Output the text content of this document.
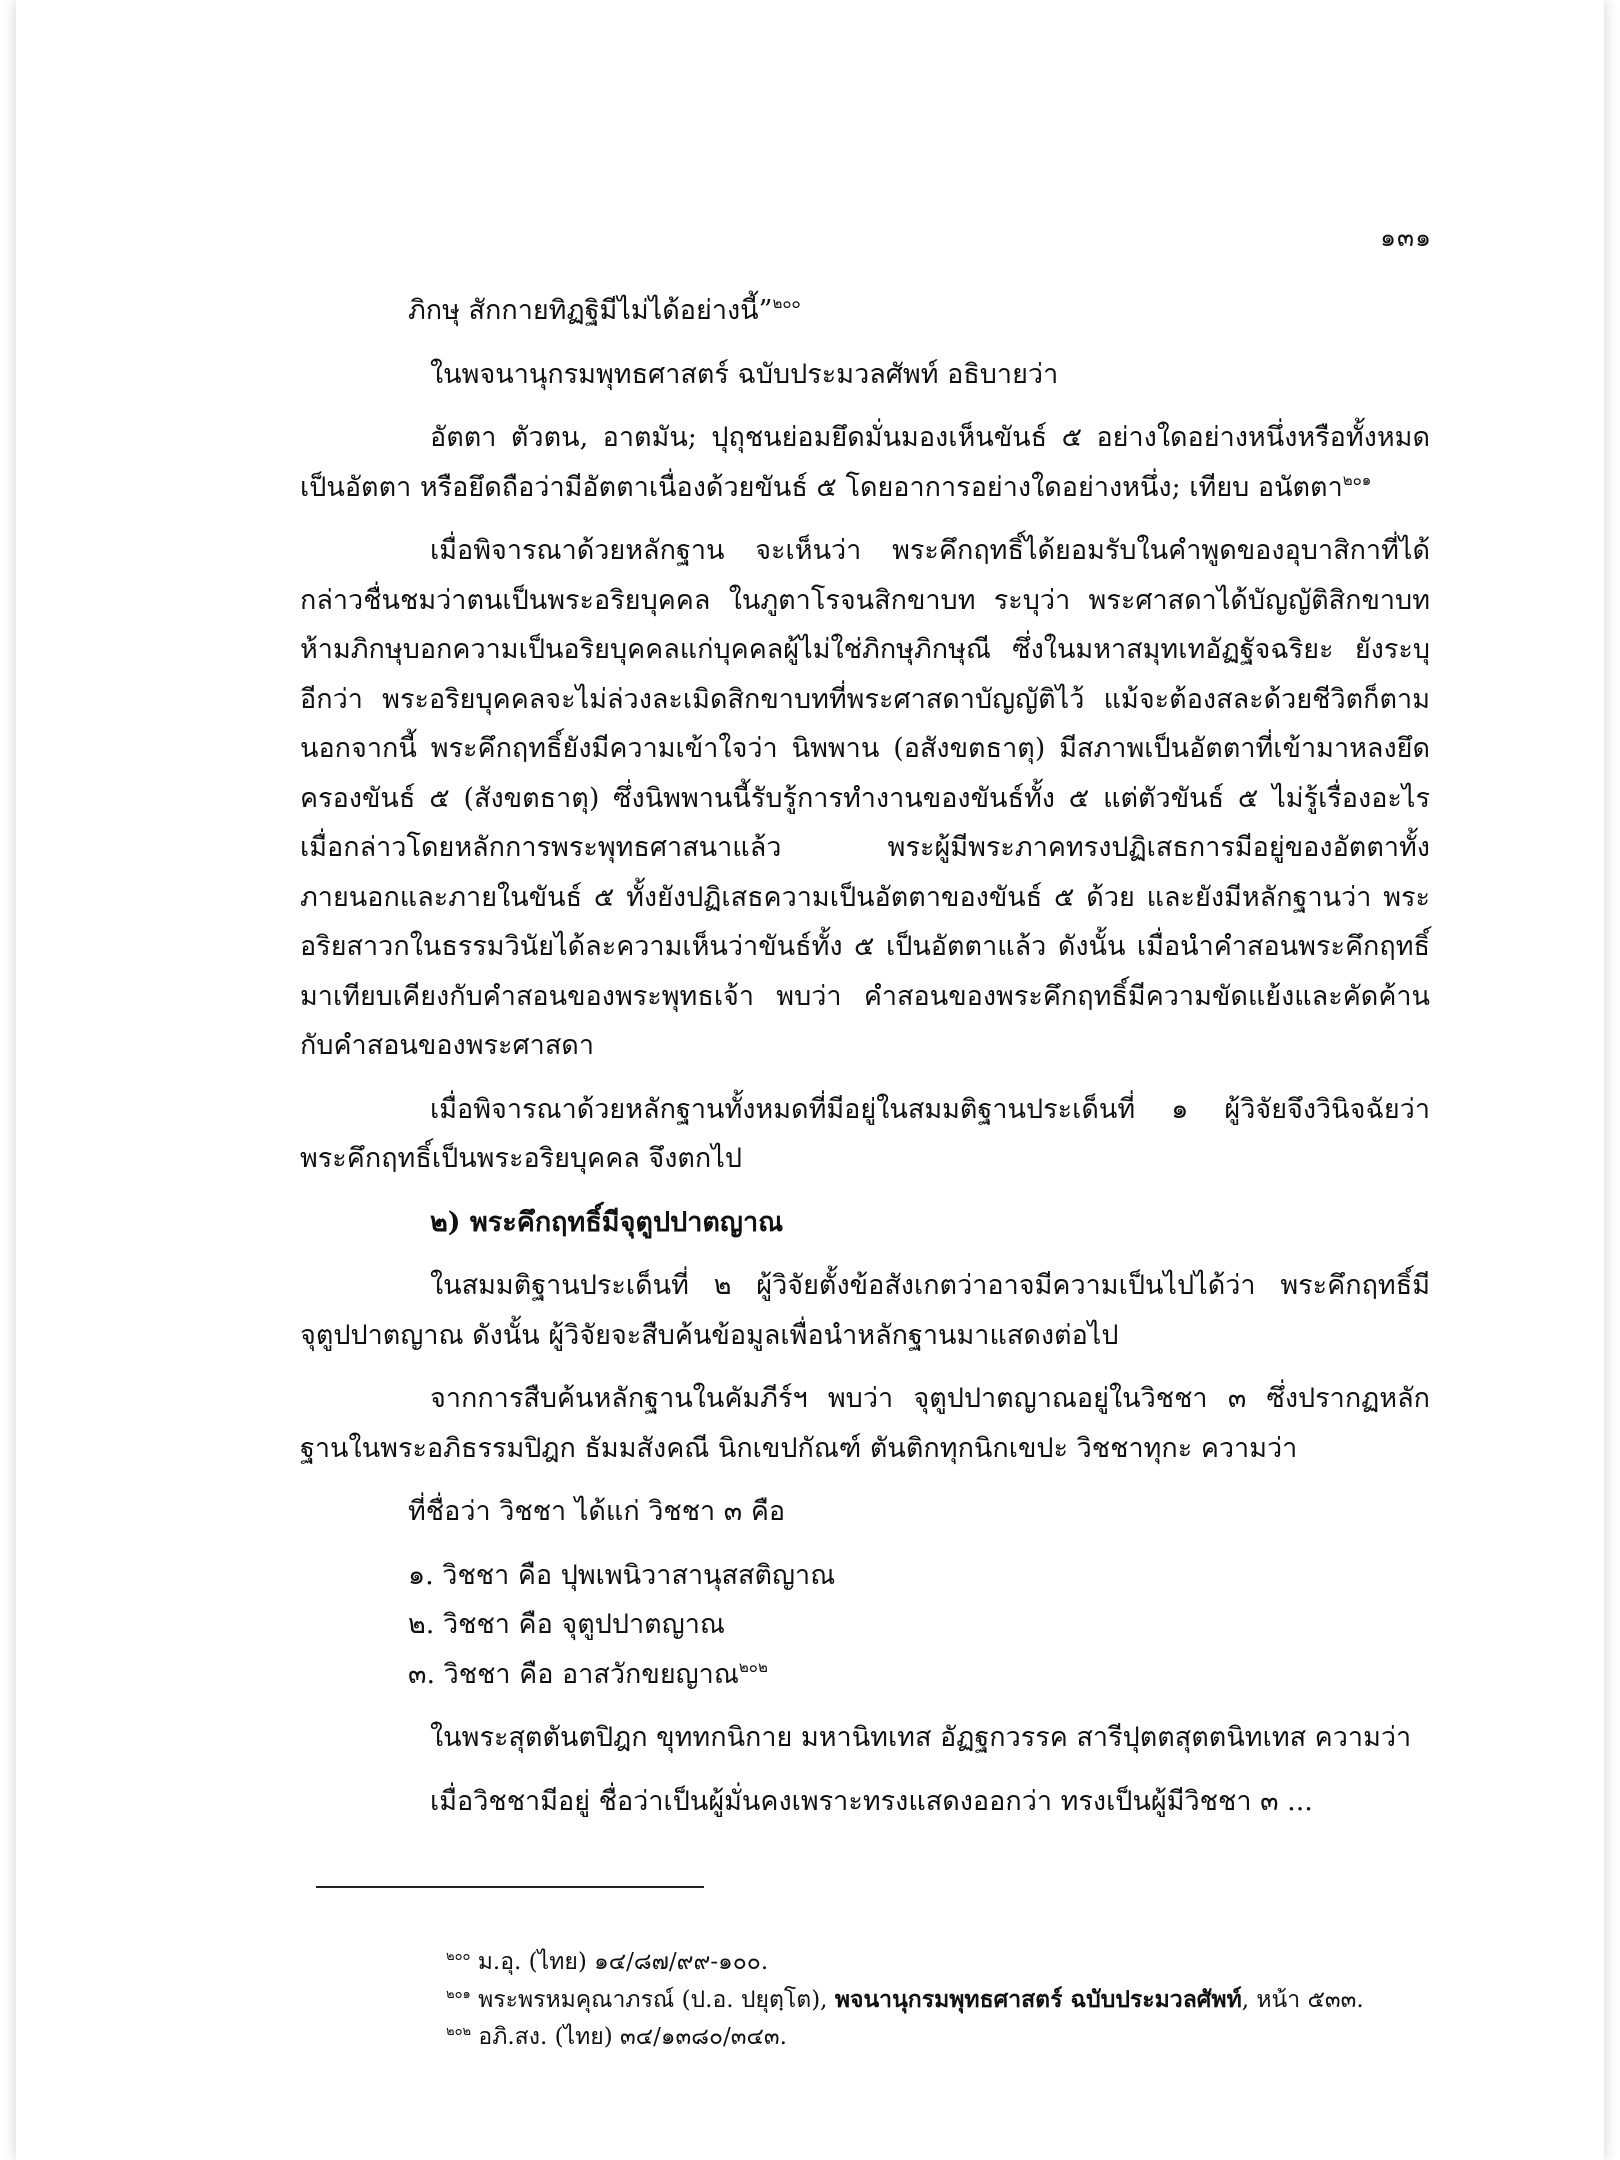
๑๓๑

ภิกษุ สักกายทิฏฐิมีไม่ได้อย่างนี้”$^{๒๐๐}$

ในพจนานุกรมพุทธศาสตร์ ฉบับประมวลศัพท์ อธิบายว่า

อัตตา ตัวตน, อาตมัน; ปุถุชนย่อมยึดมั่นมองเห็นขันธ์ ๕ อย่างใดอย่างหนึ่งหรือทั้งหมด เป็นอัตตา หรือยึดถือว่ามีอัตตาเนื่องด้วยขันธ์ ๕ โดยอาการอย่างใดอย่างหนึ่ง; เทียบ อนัตตา$^{๒๐๑}$

เมื่อพิจารณาด้วยหลักฐาน จะเห็นว่า พระคึกฤทธิ์ได้ยอมรับในคำพูดของอุบาสิกาที่ได้กล่าวชื่นชมว่าตนเป็นพระอริยบุคคล ในภูตาโรจนสิกขาบท ระบุว่า พระศาสดาได้บัญญัติสิกขาบทห้ามภิกษุบอกความเป็นอริยบุคคลแก่บุคคลผู้ไม่ใช่ภิกษุภิกษุณี ซึ่งในมหาสมุทเทอัฏฐัจฉริยะ ยังระบุอีกว่า พระอริยบุคคลจะไม่ล่วงละเมิดสิกขาบทที่พระศาสดาบัญญัติไว้ แม้จะต้องสละด้วยชีวิตก็ตาม นอกจากนี้ พระคึกฤทธิ์ยังมีความเข้าใจว่า นิพพาน (อสังขตธาตุ) มีสภาพเป็นอัตตาที่เข้ามาหลงยึดครองขันธ์ ๕ (สังขตธาตุ) ซึ่งนิพพานนี้รับรู้การทำงานของขันธ์ทั้ง ๕ แต่ตัวขันธ์ ๕ ไม่รู้เรื่องอะไร เมื่อกล่าวโดยหลักการพระพุทธศาสนาแล้ว พระผู้มีพระภาคทรงปฏิเสธการมีอยู่ของอัตตาทั้งภายนอกและภายในขันธ์ ๕ ทั้งยังปฏิเสธความเป็นอัตตาของขันธ์ ๕ ด้วย และยังมีหลักฐานว่า พระอริยสาวกในธรรมวินัยได้ละความเห็นว่าขันธ์ทั้ง ๕ เป็นอัตตาแล้ว ดังนั้น เมื่อนำคำสอนพระคึกฤทธิ์มาเทียบเคียงกับคำสอนของพระพุทธเจ้า พบว่า คำสอนของพระคึกฤทธิ์มีความขัดแย้งและคัดค้านกับคำสอนของพระศาสดา

เมื่อพิจารณาด้วยหลักฐานทั้งหมดที่มีอยู่ในสมมติฐานประเด็นที่ ๑ ผู้วิจัยจึงวินิจฉัยว่า พระคึกฤทธิ์เป็นพระอริยบุคคล จึงตกไป

๒) พระคึกฤทธิ์มีจุตูปปาตญาณ

ในสมมติฐานประเด็นที่ ๒ ผู้วิจัยตั้งข้อสังเกตว่าอาจมีความเป็นไปได้ว่า พระคึกฤทธิ์มีจุตูปปาตญาณ ดังนั้น ผู้วิจัยจะสืบค้นข้อมูลเพื่อนำหลักฐานมาแสดงต่อไป

จากการสืบค้นหลักฐานในคัมภีร์ฯ พบว่า จุตูปปาตญาณอยู่ในวิชชา ๓ ซึ่งปรากฏหลักฐานในพระอภิธรรมปิฎก ธัมมสังคณี นิกเขปกัณฑ์ ตันติกทุกนิกเขปะ วิชชาทุกะ ความว่า

ที่ชื่อว่า วิชชา ได้แก่ วิชชา ๓ คือ

๑. วิชชา คือ ปุพเพนิวาสานุสสติญาณ

๒. วิชชา คือ จุตูปปาตญาณ

๓. วิชชา คือ อาสวักขยญาณ$^{๒๐๒}$

ในพระสุตตันตปิฎก ขุททกนิกาย มหานิทเทส อัฏฐกวรรค สารีปุตตสุตตนิทเทส ความว่า

เมื่อวิชชามีอยู่ ชื่อว่าเป็นผู้มั่นคงเพราะทรงแสดงออกว่า ทรงเป็นผู้มีวิชชา ๓ ...

$^{๒๐๐}$ ม.อุ. (ไทย) ๑๔/๘๗/๙๙-๑๐๐.
$^{๒๐๑}$ พระพรหมคุณาภรณ์ (ป.อ. ปยุตฺโต), พจนานุกรมพุทธศาสตร์ ฉบับประมวลศัพท์, หน้า ๕๓๓.
$^{๒๐๒}$ อภิ.สง. (ไทย) ๓๔/๑๓๘๐/๓๔๓.
